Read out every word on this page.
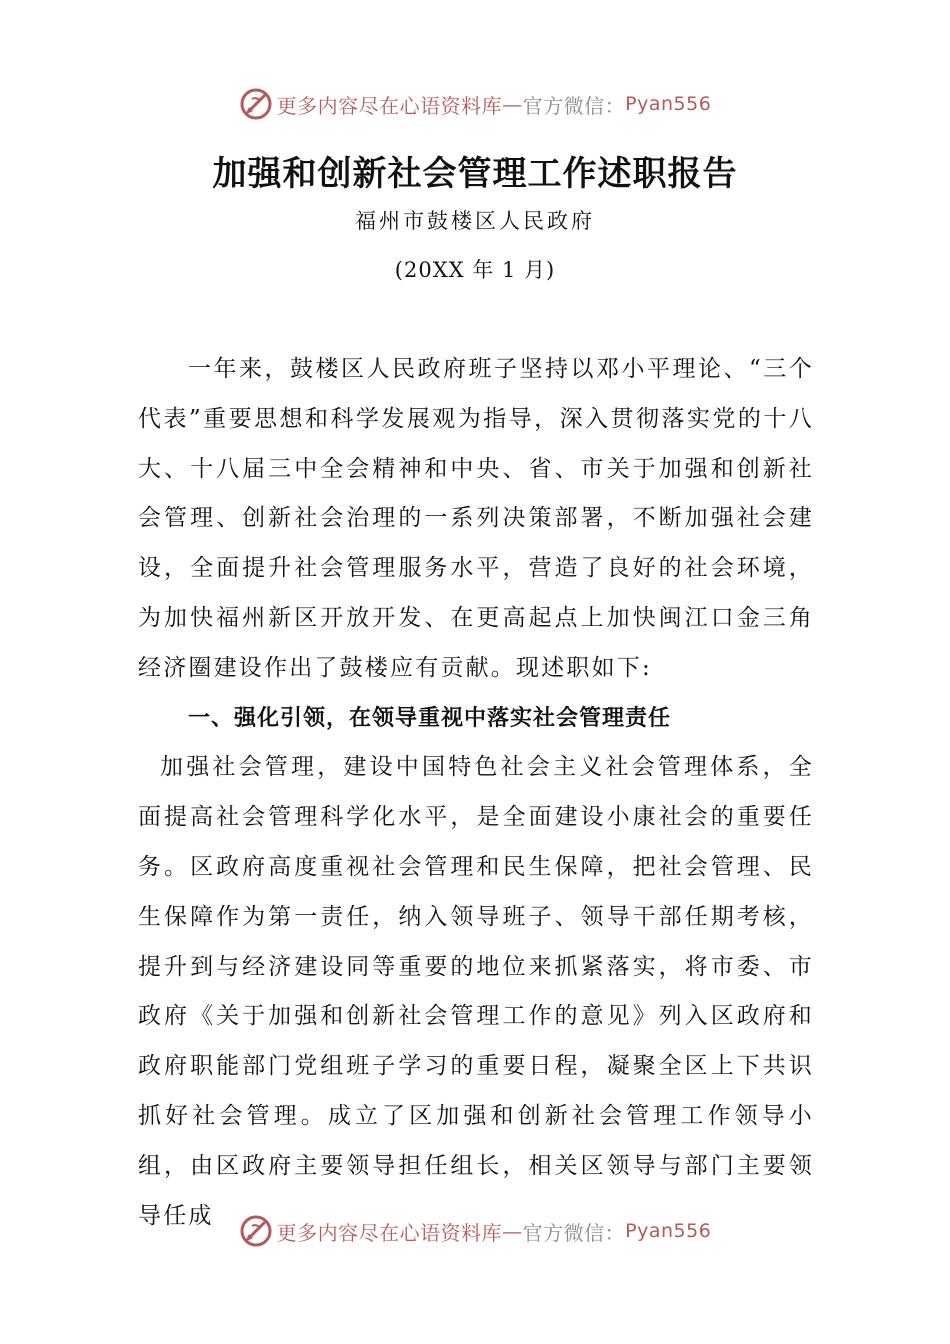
更多内容尽在心语资料库 — 官方微信： Pyan556
加强和创新社会管理工作述职报告
福州市鼓楼区人民政府
(20XX 年 1 月)

一年来，鼓楼区人民政府班子坚持以邓小平理论、“三个代表”重要思想和科学发展观为指导，深入贯彻落实党的十八大、十八届三中全会精神和中央、省、市关于加强和创新社会管理、创新社会治理的一系列决策部署，不断加强社会建设，全面提升社会管理服务水平，营造了良好的社会环境，为加快福州新区开放开发、在更高起点上加快闽江口金三角经济圈建设作出了鼓楼应有贡献。现述职如下:

一、强化引领，在领导重视中落实社会管理责任

加强社会管理，建设中国特色社会主义社会管理体系，全面提高社会管理科学化水平，是全面建设小康社会的重要任务。区政府高度重视社会管理和民生保障，把社会管理、民生保障作为第一责任，纳入领导班子、领导干部任期考核，提升到与经济建设同等重要的地位来抓紧落实，将市委、市政府《关于加强和创新社会管理工作的意见》列入区政府和政府职能部门党组班子学习的重要日程，凝聚全区上下共识抓好社会管理。成立了区加强和创新社会管理工作领导小组，由区政府主要领导担任组长，相关区领导与部门主要领导任成

更多内容尽在心语资料库 — 官方微信： Pyan556
